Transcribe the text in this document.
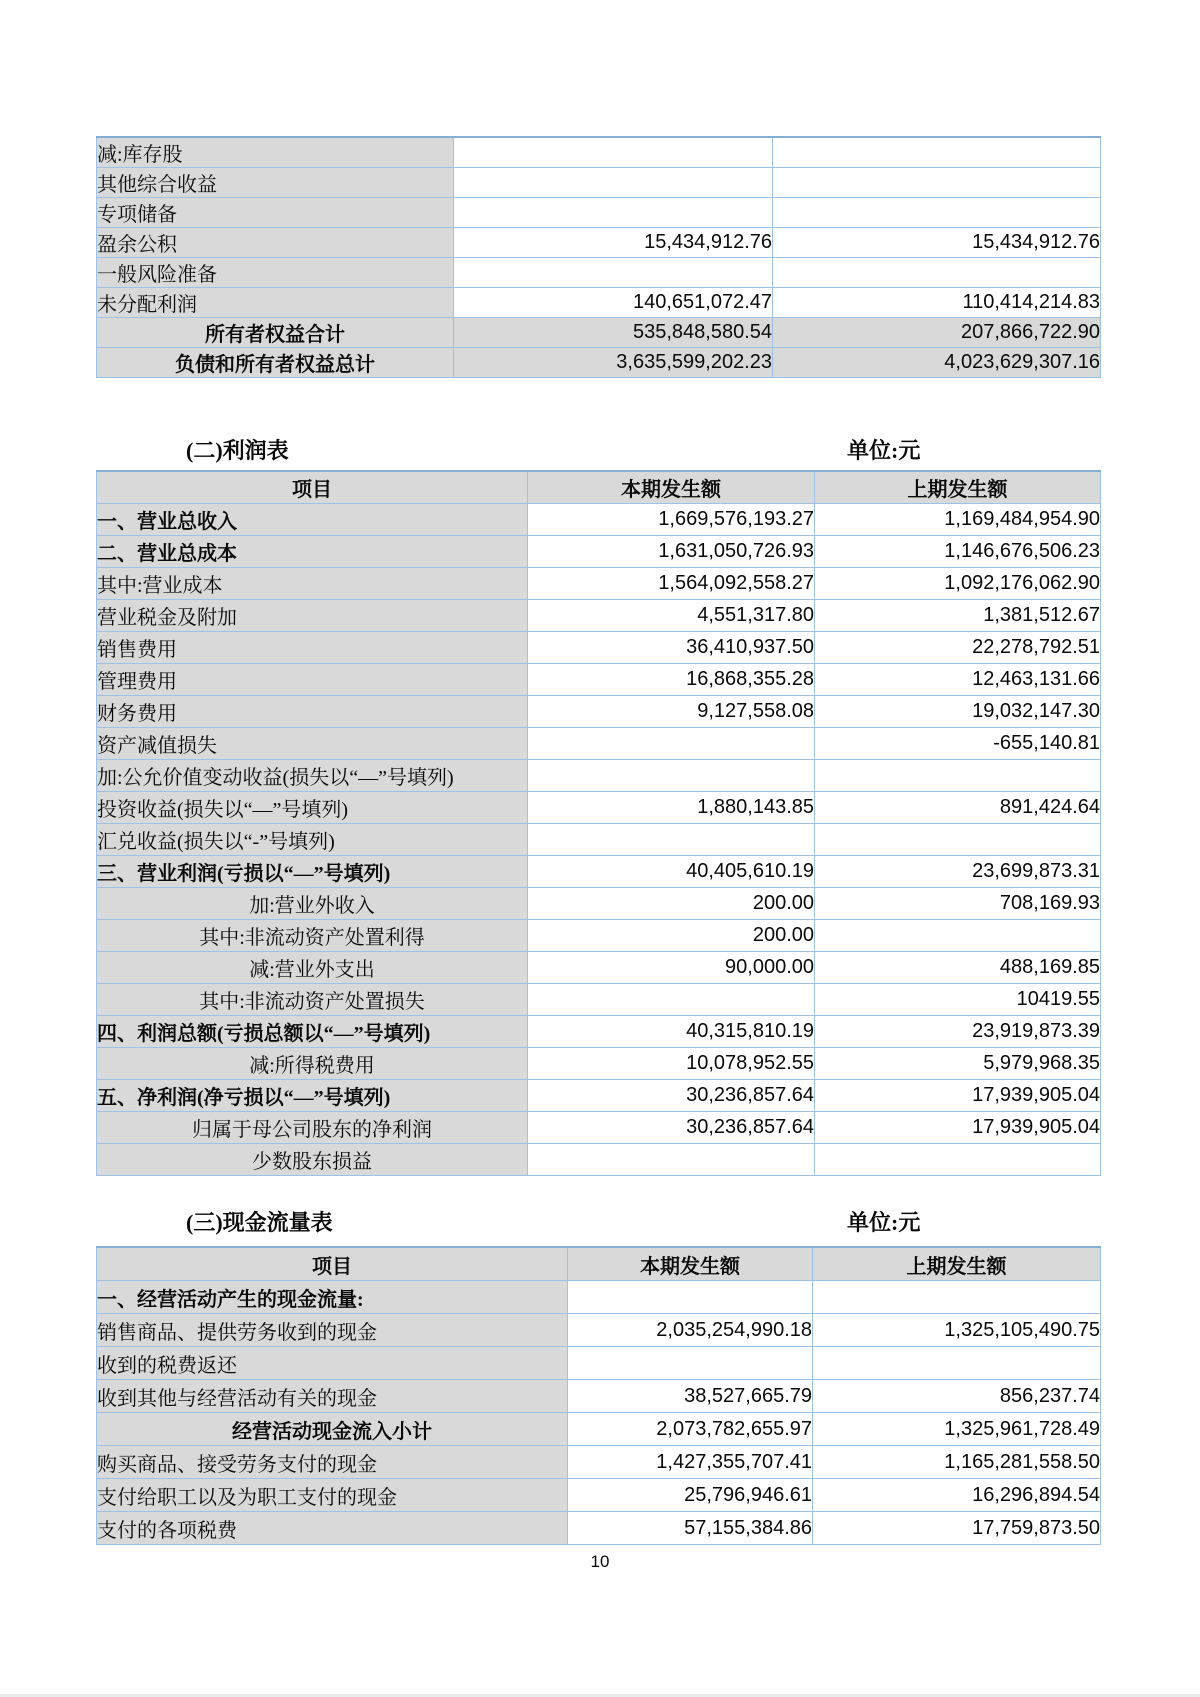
减:库存股		
其他综合收益		
专项储备		
盈余公积	15,434,912.76	15,434,912.76
一般风险准备		
未分配利润	140,651,072.47	110,414,214.83
所有者权益合计	535,848,580.54	207,866,722.90
负债和所有者权益总计	3,635,599,202.23	4,023,629,307.16
(二)利润表	单位:元
项目	本期发生额	上期发生额
一、营业总收入	1,669,576,193.27	1,169,484,954.90
二、营业总成本	1,631,050,726.93	1,146,676,506.23
其中:营业成本	1,564,092,558.27	1,092,176,062.90
营业税金及附加	4,551,317.80	1,381,512.67
销售费用	36,410,937.50	22,278,792.51
管理费用	16,868,355.28	12,463,131.66
财务费用	9,127,558.08	19,032,147.30
资产减值损失		-655,140.81
加:公允价值变动收益(损失以“—”号填列)		
投资收益(损失以“—”号填列)	1,880,143.85	891,424.64
汇兑收益(损失以“-”号填列)		
三、营业利润(亏损以“—”号填列)	40,405,610.19	23,699,873.31
加:营业外收入	200.00	708,169.93
其中:非流动资产处置利得	200.00	
减:营业外支出	90,000.00	488,169.85
其中:非流动资产处置损失		10419.55
四、利润总额(亏损总额以“—”号填列)	40,315,810.19	23,919,873.39
减:所得税费用	10,078,952.55	5,979,968.35
五、净利润(净亏损以“—”号填列)	30,236,857.64	17,939,905.04
归属于母公司股东的净利润	30,236,857.64	17,939,905.04
少数股东损益		
(三)现金流量表	单位:元
项目	本期发生额	上期发生额
一、经营活动产生的现金流量:		
销售商品、提供劳务收到的现金	2,035,254,990.18	1,325,105,490.75
收到的税费返还		
收到其他与经营活动有关的现金	38,527,665.79	856,237.74
经营活动现金流入小计	2,073,782,655.97	1,325,961,728.49
购买商品、接受劳务支付的现金	1,427,355,707.41	1,165,281,558.50
支付给职工以及为职工支付的现金	25,796,946.61	16,296,894.54
支付的各项税费	57,155,384.86	17,759,873.50
10
